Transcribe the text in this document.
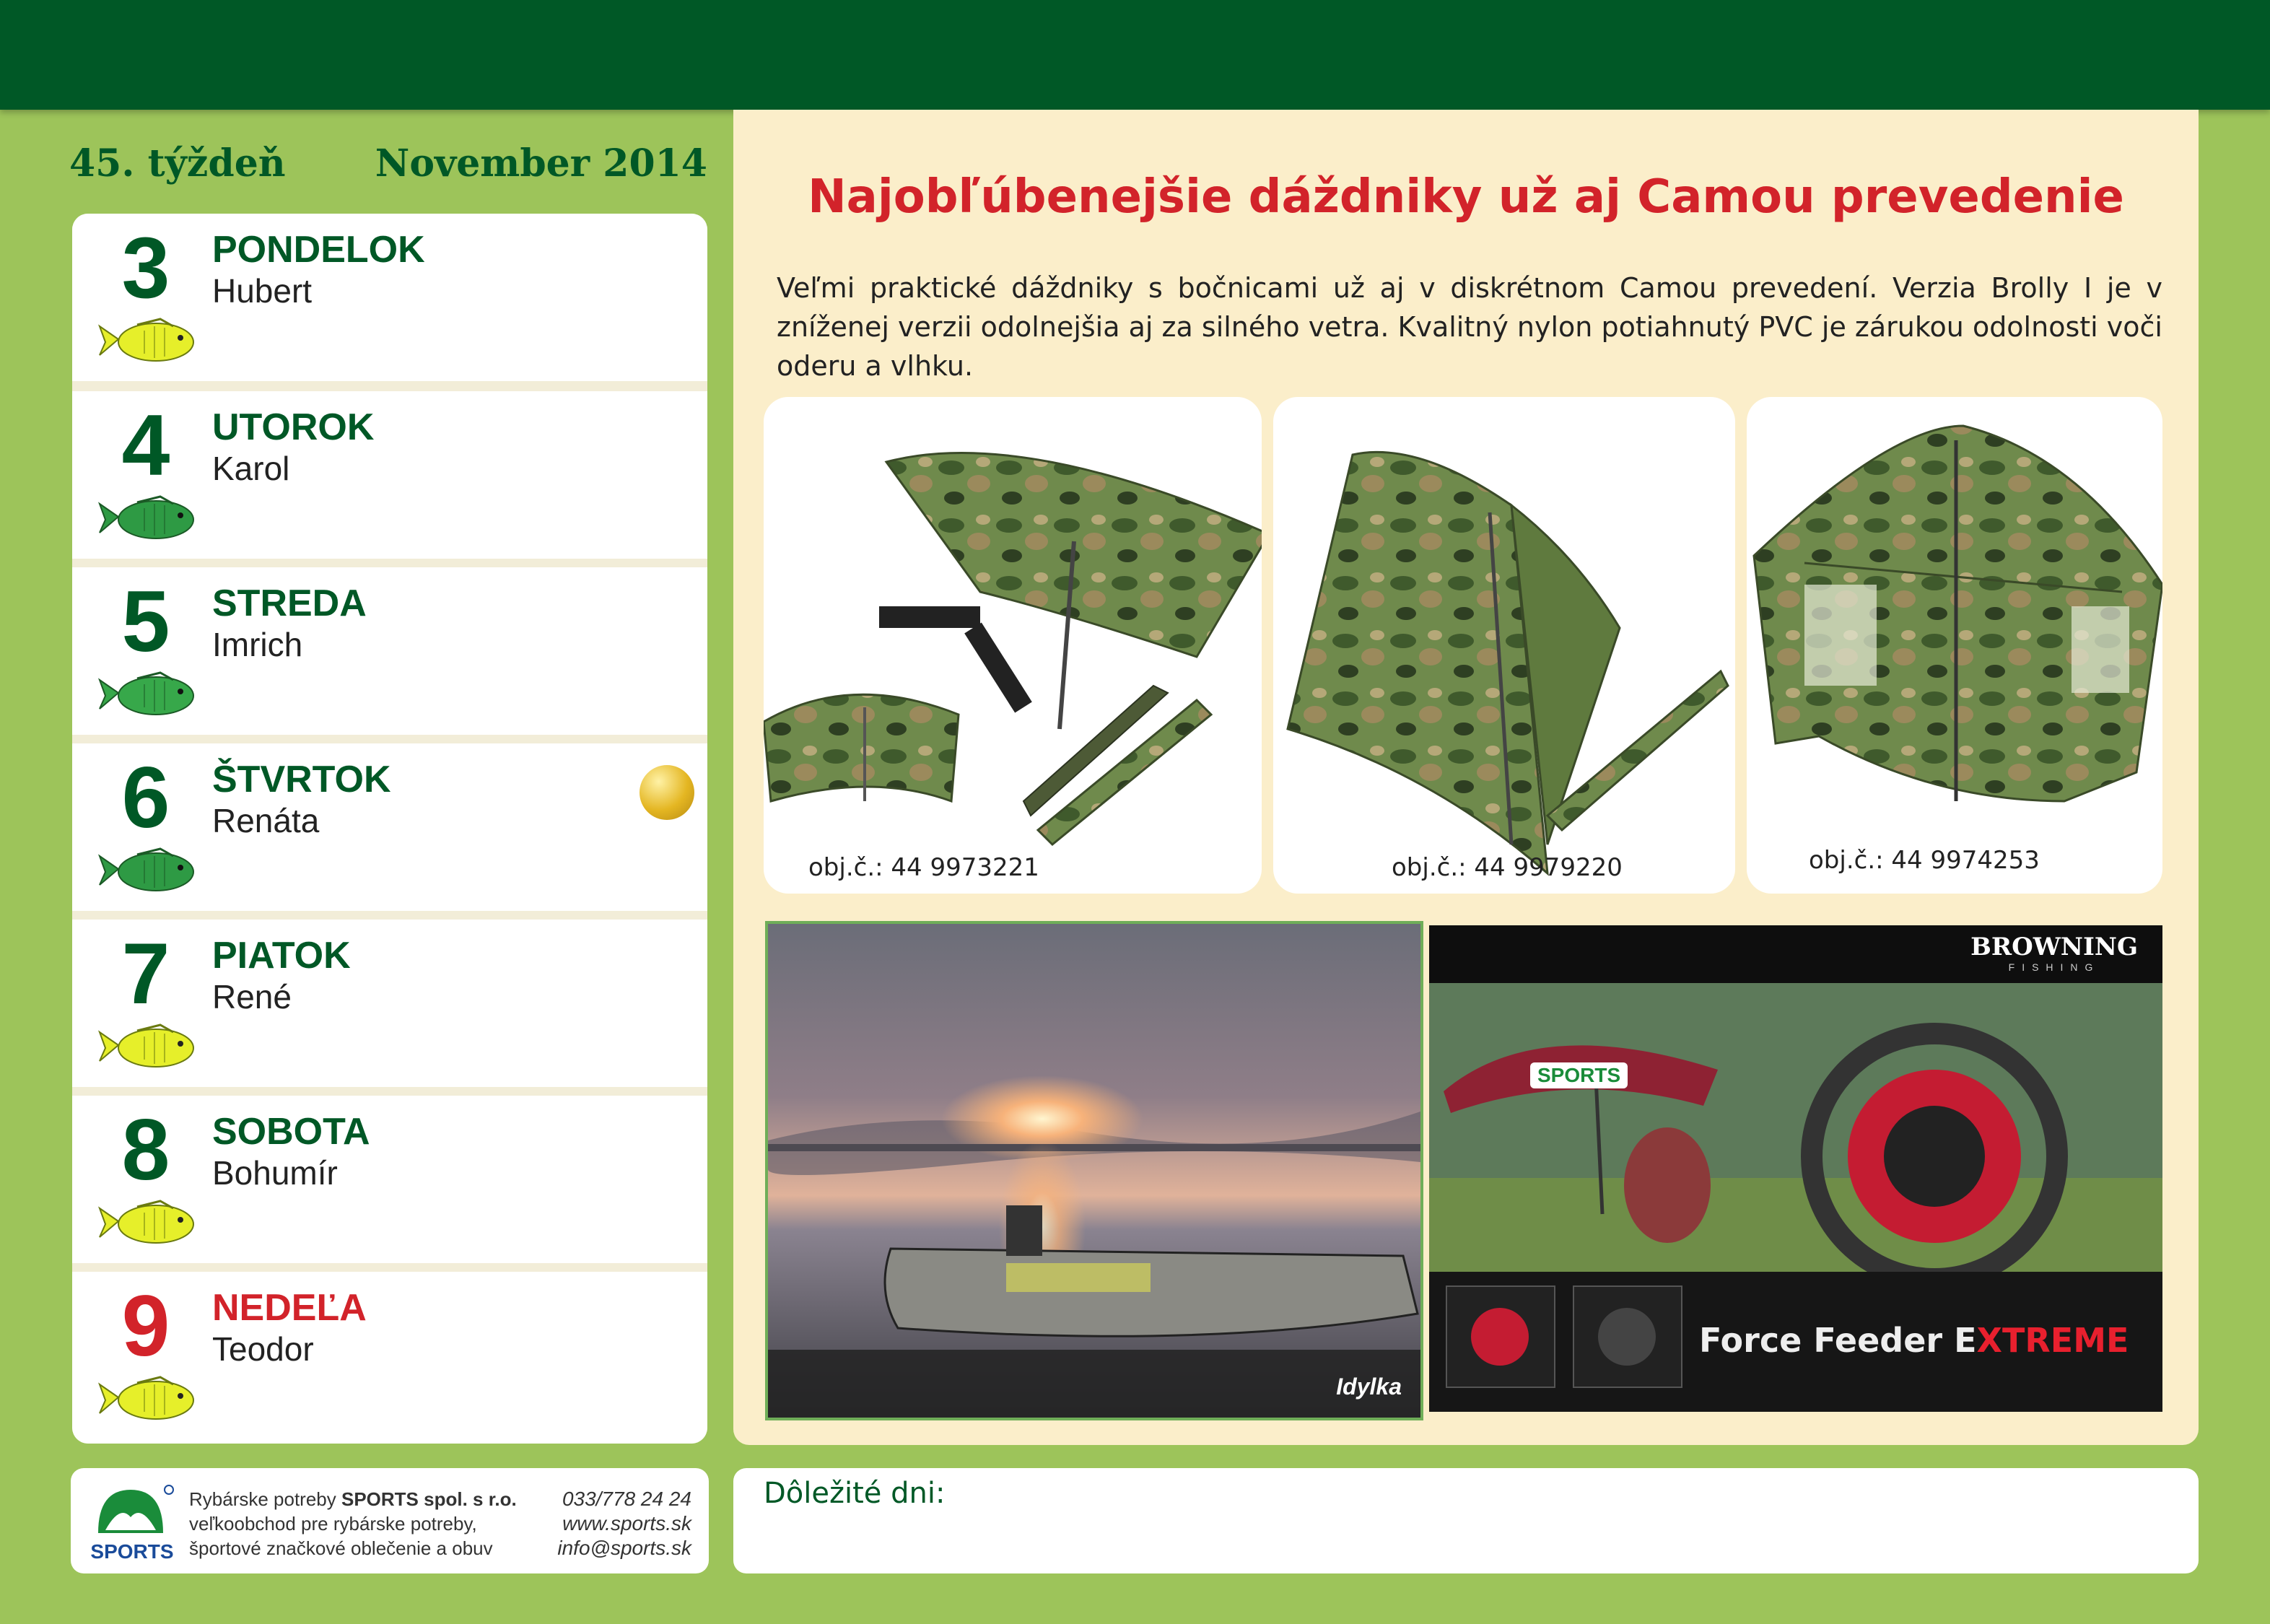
45. týždeň November 2014
3 PONDELOK
Hubert
4 UTOROK
Karol
5 STREDA
Imrich
6 ŠTVRTOK
Renáta
7 PIATOK
René
8 SOBOTA
Bohumír
9 NEDEĽA
Teodor
Najobľúbenejšie dáždniky už aj Camou prevedenie
Veľmi praktické dáždniky s bočnicami už aj v diskrétnom Camou prevedení. Verzia Brolly I je v zníženej verzii odolnejšia aj za silného vetra. Kvalitný nylon potiahnutý PVC je zárukou odolnosti voči oderu a vlhku.
obj.č.: 44 9973221	obj.č.: 44 9979220	obj.č.: 44 9974253
Idylka
BROWNING
FISHING
SPORTS
Force Feeder EXTREME
SPORTS
Rybárske potreby SPORTS spol. s r.o.
veľkoobchod pre rybárske potreby,
športové značkové oblečenie a obuv
033/778 24 24
www.sports.sk
info@sports.sk
Dôležité dni:
